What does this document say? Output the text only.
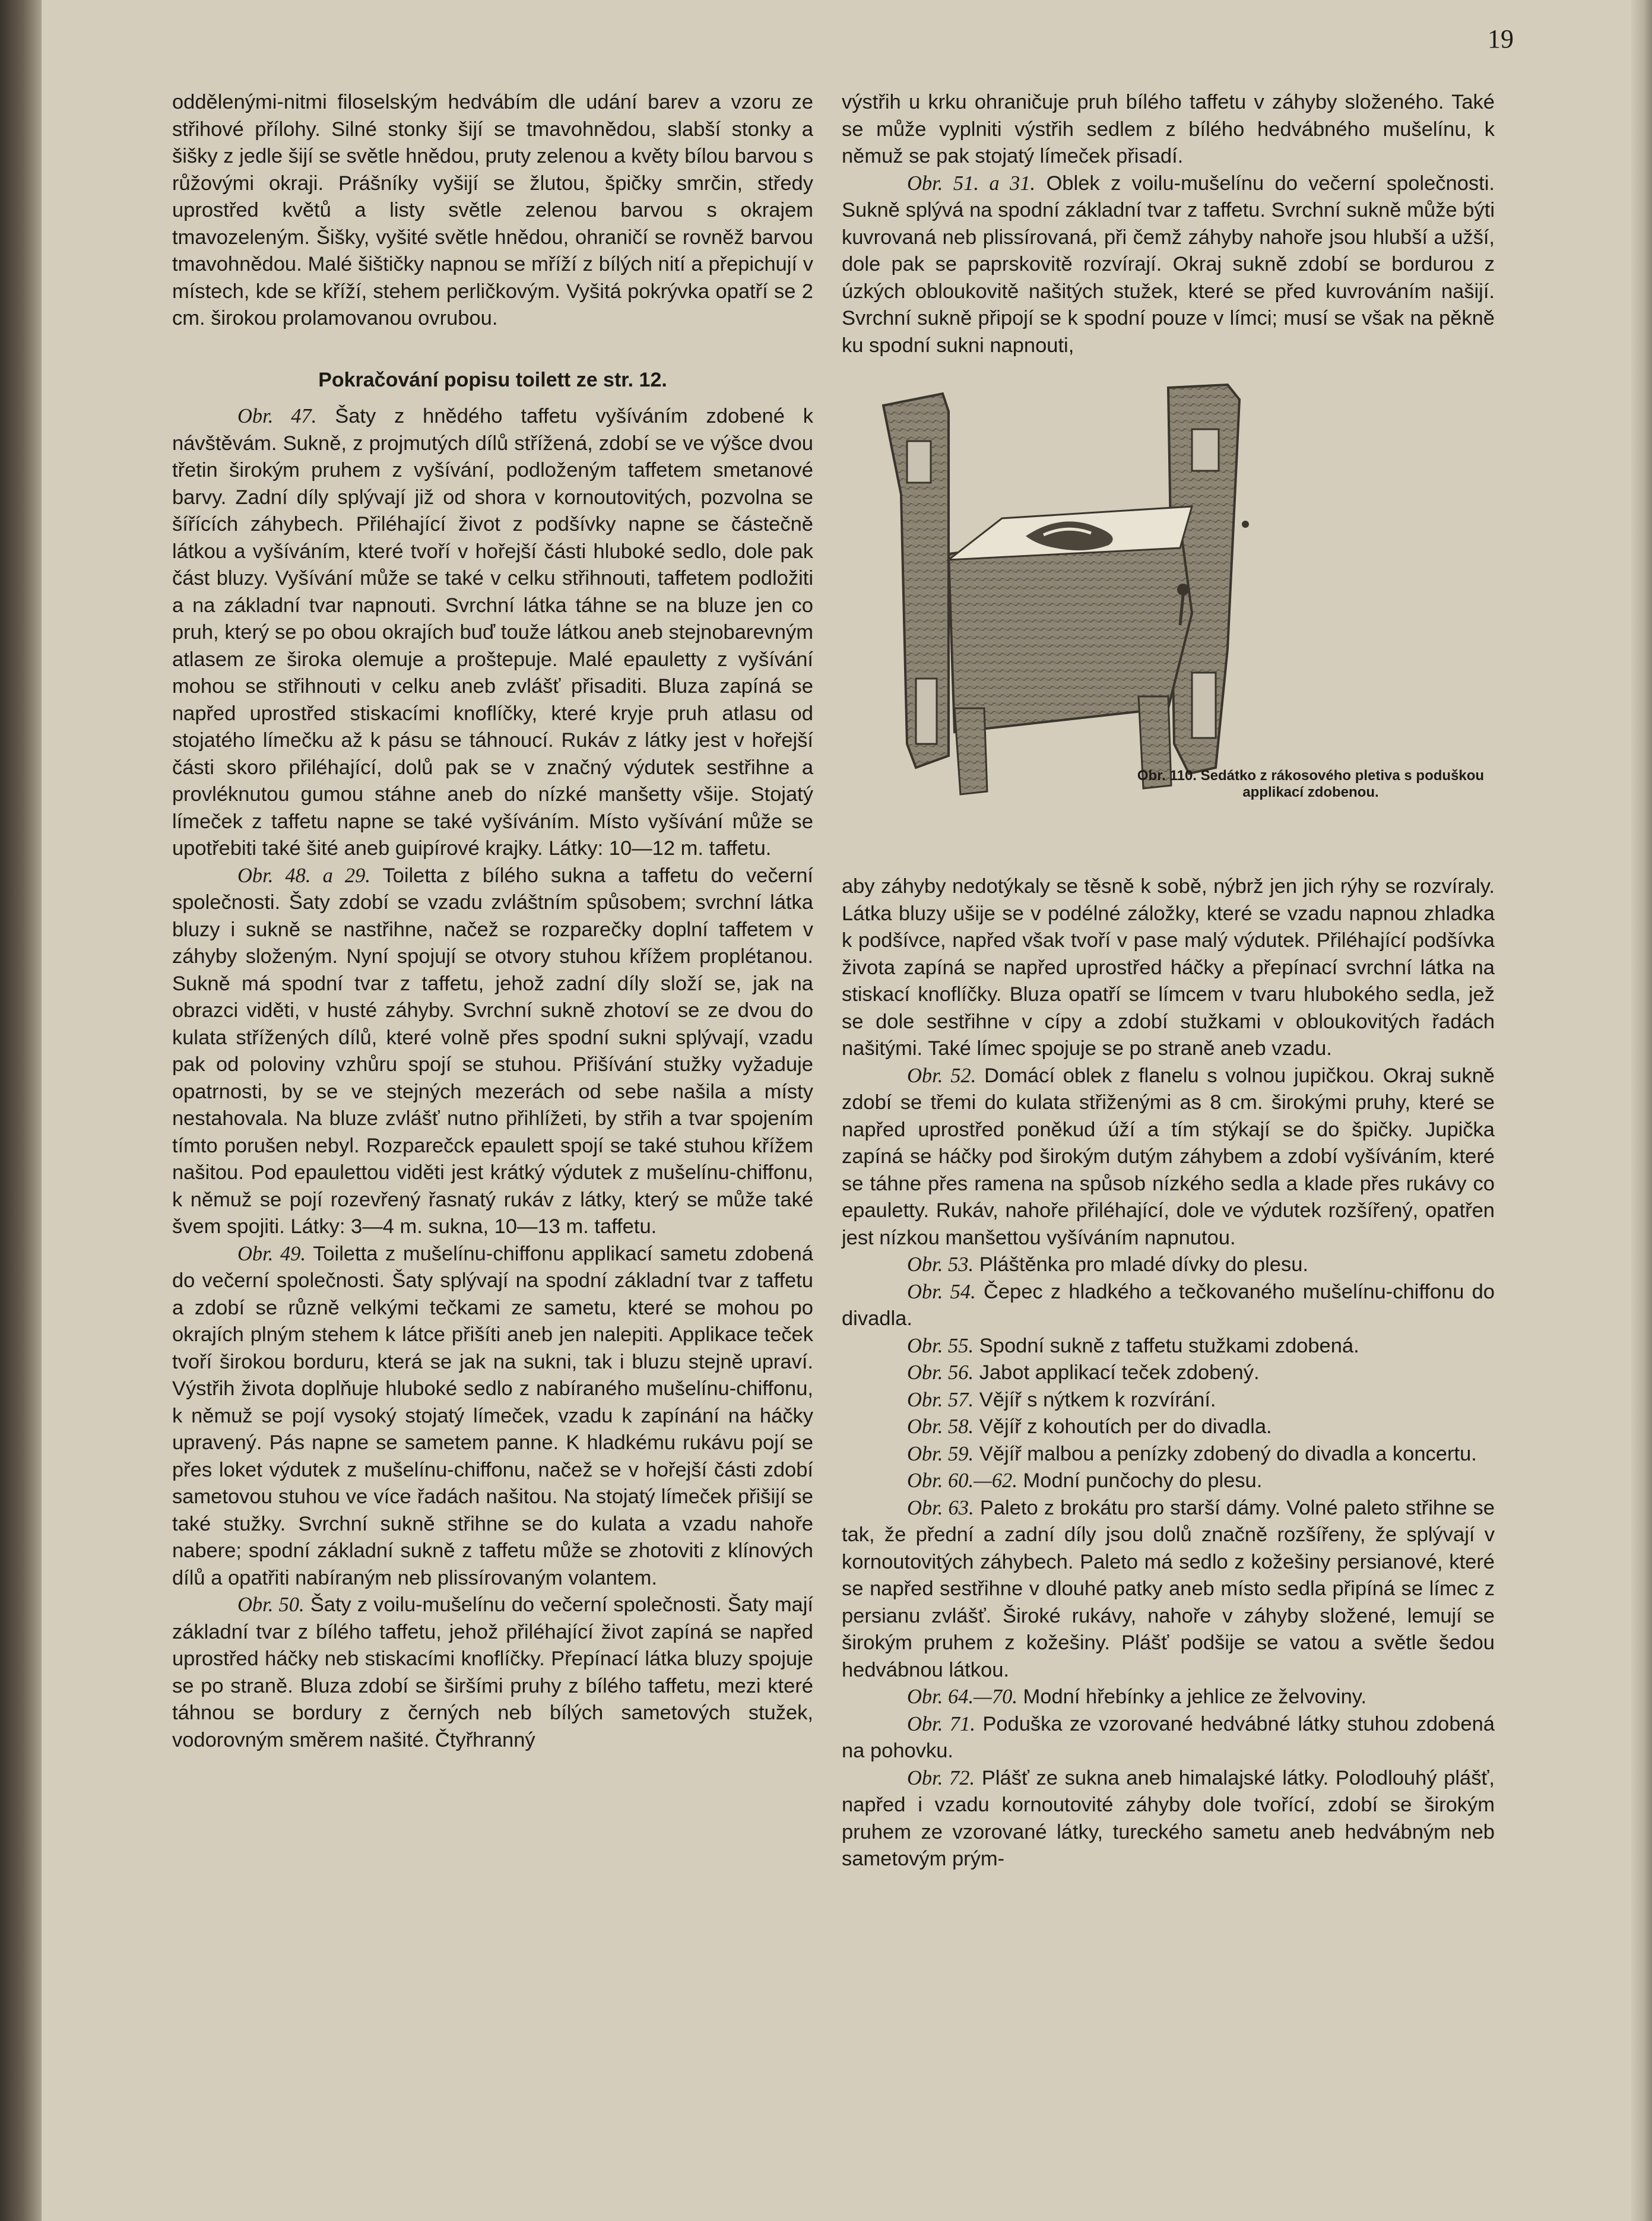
19

oddělenými-nitmi filoselským hedvábím dle udání barev a vzoru ze střihové přílohy. Silné stonky šijí se tmavohnědou, slabší stonky a šišky z jedle šijí se světle hnědou, pruty zelenou a květy bílou barvou s růžovými okraji. Prášníky vyšijí se žlutou, špičky smrčin, středy uprostřed květů a listy světle zelenou barvou s okrajem tmavozeleným. Šišky, vyšité světle hnědou, ohraničí se rovněž barvou tmavohnědou. Malé šištičky napnou se mříží z bílých nití a přepichují v místech, kde se kříží, stehem perličkovým. Vyšitá pokrývka opatří se 2 cm. širokou prolamovanou ovrubou.

Pokračování popisu toilett ze str. 12.

Obr. 47. Šaty z hnědého taffetu vyšíváním zdobené k návštěvám. Sukně, z projmutých dílů střížená, zdobí se ve výšce dvou třetin širokým pruhem z vyšívání, podloženým taffetem smetanové barvy. Zadní díly splývají již od shora v kornoutovitých, pozvolna se šířících záhybech. Přiléhající život z podšívky napne se částečně látkou a vyšíváním, které tvoří v hořejší části hluboké sedlo, dole pak část bluzy. Vyšívání může se také v celku střihnouti, taffetem podložiti a na základní tvar napnouti. Svrchní látka táhne se na bluze jen co pruh, který se po obou okrajích buď touže látkou aneb stejnobarevným atlasem ze široka olemuje a proštepuje. Malé epauletty z vyšívání mohou se střihnouti v celku aneb zvlášť přisaditi. Bluza zapíná se napřed uprostřed stiskacími knoflíčky, které kryje pruh atlasu od stojatého límečku až k pásu se táhnoucí. Rukáv z látky jest v hořejší části skoro přiléhající, dolů pak se v značný výdutek sestřihne a provléknutou gumou stáhne aneb do nízké manšetty všije. Stojatý límeček z taffetu napne se také vyšíváním. Místo vyšívání může se upotřebiti také šité aneb guipírové krajky. Látky: 10—12 m. taffetu.

Obr. 48. a 29. Toiletta z bílého sukna a taffetu do večerní společnosti. Šaty zdobí se vzadu zvláštním spůsobem; svrchní látka bluzy i sukně se nastřihne, načež se rozparečky doplní taffetem v záhyby složeným. Nyní spojují se otvory stuhou křížem proplétanou. Sukně má spodní tvar z taffetu, jehož zadní díly složí se, jak na obrazci viděti, v husté záhyby. Svrchní sukně zhotoví se ze dvou do kulata střížených dílů, které volně přes spodní sukni splývají, vzadu pak od poloviny vzhůru spojí se stuhou. Přišívání stužky vyžaduje opatrnosti, by se ve stejných mezerách od sebe našila a místy nestahovala. Na bluze zvlášť nutno přihlížeti, by střih a tvar spojením tímto porušen nebyl. Rozparečck epaulett spojí se také stuhou křížem našitou. Pod epaulettou viděti jest krátký výdutek z mušelínu-chiffonu, k němuž se pojí rozevřený řasnatý rukáv z látky, který se může také švem spojiti. Látky: 3—4 m. sukna, 10—13 m. taffetu.

Obr. 49. Toiletta z mušelínu-chiffonu applikací sametu zdobená do večerní společnosti. Šaty splývají na spodní základní tvar z taffetu a zdobí se různě velkými tečkami ze sametu, které se mohou po okrajích plným stehem k látce přišíti aneb jen nalepiti. Applikace teček tvoří širokou borduru, která se jak na sukni, tak i bluzu stejně upraví. Výstřih života doplňuje hluboké sedlo z nabíraného mušelínu-chiffonu, k němuž se pojí vysoký stojatý límeček, vzadu k zapínání na háčky upravený. Pás napne se sametem panne. K hladkému rukávu pojí se přes loket výdutek z mušelínu-chiffonu, načež se v hořejší části zdobí sametovou stuhou ve více řadách našitou. Na stojatý límeček přišijí se také stužky. Svrchní sukně střihne se do kulata a vzadu nahoře nabere; spodní základní sukně z taffetu může se zhotoviti z klínových dílů a opatřiti nabíraným neb plissírovaným volantem.

Obr. 50. Šaty z voilu-mušelínu do večerní společnosti. Šaty mají základní tvar z bílého taffetu, jehož přiléhající život zapíná se napřed uprostřed háčky neb stiskacími knoflíčky. Přepínací látka bluzy spojuje se po straně. Bluza zdobí se širšími pruhy z bílého taffetu, mezi které táhnou se bordury z černých neb bílých sametových stužek, vodorovným směrem našité. Čtyřhranný

výstřih u krku ohraničuje pruh bílého taffetu v záhyby složeného. Také se může vyplniti výstřih sedlem z bílého hedvábného mušelínu, k němuž se pak stojatý límeček přisadí.

Obr. 51. a 31. Oblek z voilu-mušelínu do večerní společnosti. Sukně splývá na spodní základní tvar z taffetu. Svrchní sukně může býti kuvrovaná neb plissírovaná, při čemž záhyby nahoře jsou hlubší a užší, dole pak se paprskovitě rozvírají. Okraj sukně zdobí se bordurou z úzkých obloukovitě našitých stužek, které se před kuvrováním našijí. Svrchní sukně připojí se k spodní pouze v límci; musí se však na pěkně ku spodní sukni napnouti,

Obr. 110. Sedátko z rákosového pletiva s poduškou applikací zdobenou.

aby záhyby nedotýkaly se těsně k sobě, nýbrž jen jich rýhy se rozvíraly. Látka bluzy ušije se v podélné záložky, které se vzadu napnou zhladka k podšívce, napřed však tvoří v pase malý výdutek. Přiléhající podšívka života zapíná se napřed uprostřed háčky a přepínací svrchní látka na stiskací knoflíčky. Bluza opatří se límcem v tvaru hlubokého sedla, jež se dole sestřihne v cípy a zdobí stužkami v obloukovitých řadách našitými. Také límec spojuje se po straně aneb vzadu.

Obr. 52. Domácí oblek z flanelu s volnou jupičkou. Okraj sukně zdobí se třemi do kulata střiženými as 8 cm. širokými pruhy, které se napřed uprostřed poněkud úží a tím stýkají se do špičky. Jupička zapíná se háčky pod širokým dutým záhybem a zdobí vyšíváním, které se táhne přes ramena na spůsob nízkého sedla a klade přes rukávy co epauletty. Rukáv, nahoře přiléhající, dole ve výdutek rozšířený, opatřen jest nízkou manšettou vyšíváním napnutou.

Obr. 53. Pláštěnka pro mladé dívky do plesu.

Obr. 54. Čepec z hladkého a tečkovaného mušelínu-chiffonu do divadla.

Obr. 55. Spodní sukně z taffetu stužkami zdobená.

Obr. 56. Jabot applikací teček zdobený.

Obr. 57. Vějíř s nýtkem k rozvírání.

Obr. 58. Vějíř z kohoutích per do divadla.

Obr. 59. Vějíř malbou a penízky zdobený do divadla a koncertu.

Obr. 60.—62. Modní punčochy do plesu.

Obr. 63. Paleto z brokátu pro starší dámy. Volné paleto střihne se tak, že přední a zadní díly jsou dolů značně rozšířeny, že splývají v kornoutovitých záhybech. Paleto má sedlo z kožešiny persianové, které se napřed sestřihne v dlouhé patky aneb místo sedla připíná se límec z persianu zvlášť. Široké rukávy, nahoře v záhyby složené, lemují se širokým pruhem z kožešiny. Plášť podšije se vatou a světle šedou hedvábnou látkou.

Obr. 64.—70. Modní hřebínky a jehlice ze želvoviny.

Obr. 71. Poduška ze vzorované hedvábné látky stuhou zdobená na pohovku.

Obr. 72. Plášť ze sukna aneb himalajské látky. Polodlouhý plášť, napřed i vzadu kornoutovité záhyby dole tvořící, zdobí se širokým pruhem ze vzorované látky, tureckého sametu aneb hedvábným neb sametovým prým-
